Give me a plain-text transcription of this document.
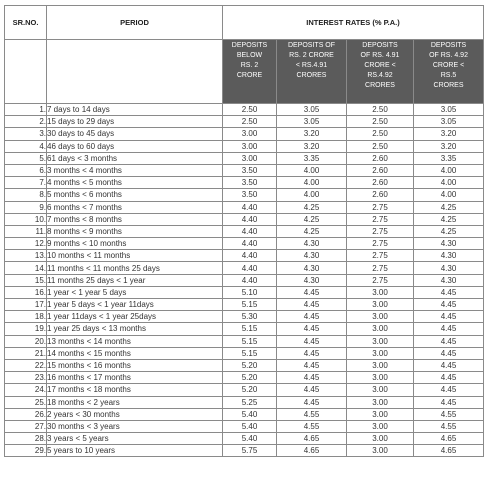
SR.NO.	PERIOD	INTEREST RATES (% P.A.)			

		DEPOSITS
BELOW
RS. 2
CRORE	DEPOSITS OF
RS. 2 CRORE
< RS.4.91
CRORES	DEPOSITS
OF RS. 4.91
CRORE <
RS.4.92
CRORES	DEPOSITS
OF RS. 4.92
CRORE <
RS.5
CRORES

1.	7 days to 14 days	2.50	3.05	2.50	3.05
2.	15 days to 29 days	2.50	3.05	2.50	3.05
3.	30 days to 45 days	3.00	3.20	2.50	3.20
4.	46 days to 60 days	3.00	3.20	2.50	3.20
5.	61 days < 3 months	3.00	3.35	2.60	3.35
6.	3 months < 4 months	3.50	4.00	2.60	4.00
7.	4 months < 5 months	3.50	4.00	2.60	4.00
8.	5 months < 6 months	3.50	4.00	2.60	4.00
9.	6 months < 7 months	4.40	4.25	2.75	4.25
10.	7 months < 8 months	4.40	4.25	2.75	4.25
11.	8 months < 9 months	4.40	4.25	2.75	4.25
12.	9 months < 10 months	4.40	4.30	2.75	4.30
13.	10 months < 11 months	4.40	4.30	2.75	4.30
14.	11 months < 11 months 25 days	4.40	4.30	2.75	4.30
15.	11 months 25 days < 1 year	4.40	4.30	2.75	4.30
16.	1 year < 1 year 5 days	5.10	4.45	3.00	4.45
17.	1 year 5 days < 1 year 11days	5.15	4.45	3.00	4.45
18.	1 year 11days < 1 year 25days	5.30	4.45	3.00	4.45
19.	1 year 25 days < 13 months	5.15	4.45	3.00	4.45
20.	13 months < 14 months	5.15	4.45	3.00	4.45
21.	14 months < 15 months	5.15	4.45	3.00	4.45
22.	15 months < 16 months	5.20	4.45	3.00	4.45
23.	16 months < 17 months	5.20	4.45	3.00	4.45
24.	17 months < 18 months	5.20	4.45	3.00	4.45
25.	18 months < 2 years	5.25	4.45	3.00	4.45
26.	2 years < 30 months	5.40	4.55	3.00	4.55
27.	30 months < 3 years	5.40	4.55	3.00	4.55
28.	3 years < 5 years	5.40	4.65	3.00	4.65
29.	5 years to 10 years	5.75	4.65	3.00	4.65
